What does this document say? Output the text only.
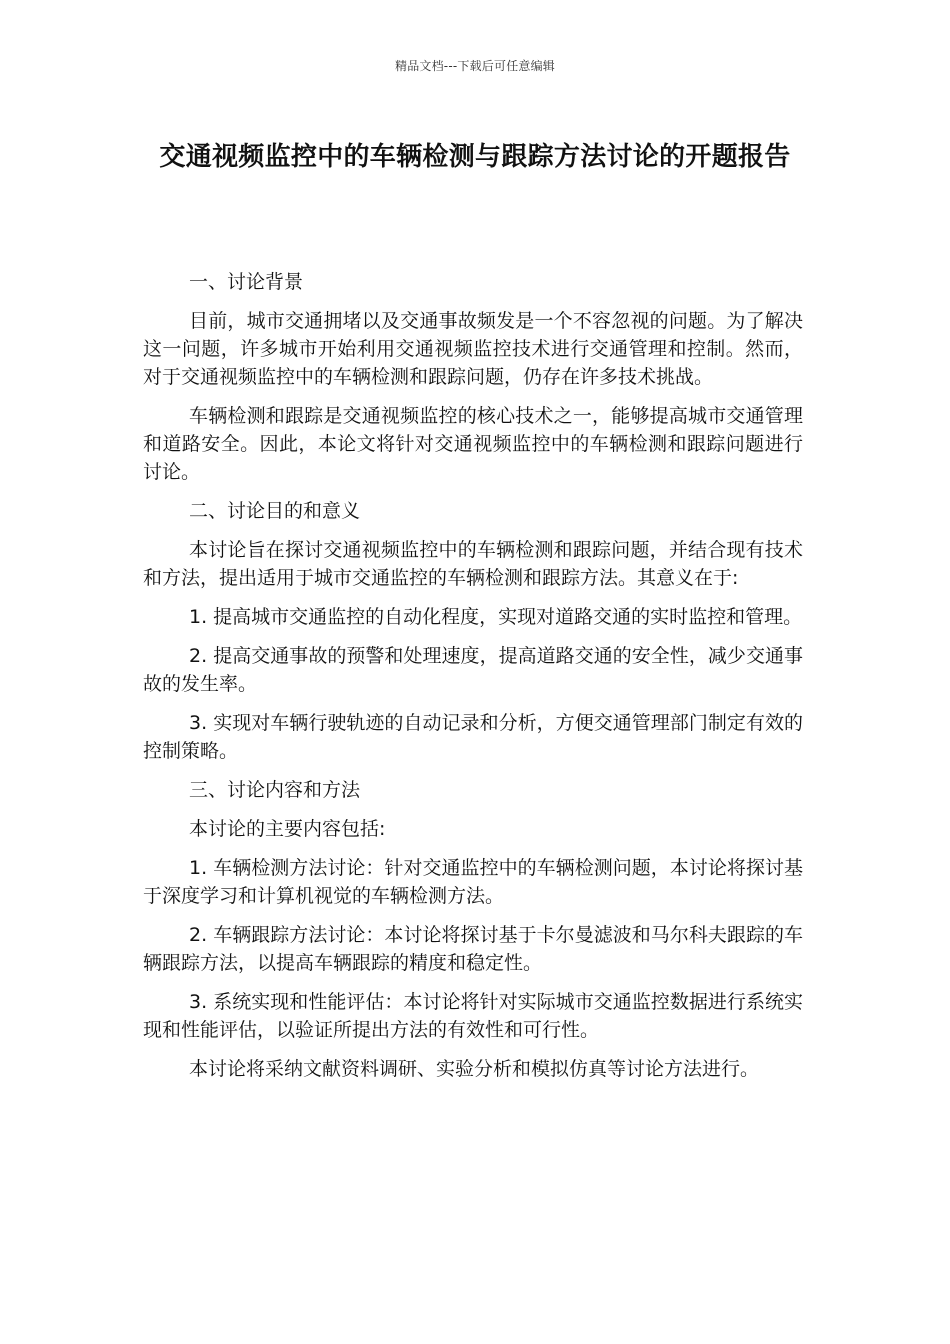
精品文档---下载后可任意编辑
交通视频监控中的车辆检测与跟踪方法讨论的开题报告

一、讨论背景

目前，城市交通拥堵以及交通事故频发是一个不容忽视的问题。为了解决这一问题，许多城市开始利用交通视频监控技术进行交通管理和控制。然而，对于交通视频监控中的车辆检测和跟踪问题，仍存在许多技术挑战。

车辆检测和跟踪是交通视频监控的核心技术之一，能够提高城市交通管理和道路安全。因此，本论文将针对交通视频监控中的车辆检测和跟踪问题进行讨论。

二、讨论目的和意义

本讨论旨在探讨交通视频监控中的车辆检测和跟踪问题，并结合现有技术和方法，提出适用于城市交通监控的车辆检测和跟踪方法。其意义在于:

1. 提高城市交通监控的自动化程度，实现对道路交通的实时监控和管理。

2. 提高交通事故的预警和处理速度，提高道路交通的安全性，减少交通事故的发生率。

3. 实现对车辆行驶轨迹的自动记录和分析，方便交通管理部门制定有效的控制策略。

三、讨论内容和方法

本讨论的主要内容包括:

1. 车辆检测方法讨论：针对交通监控中的车辆检测问题，本讨论将探讨基于深度学习和计算机视觉的车辆检测方法。

2. 车辆跟踪方法讨论：本讨论将探讨基于卡尔曼滤波和马尔科夫跟踪的车辆跟踪方法，以提高车辆跟踪的精度和稳定性。

3. 系统实现和性能评估：本讨论将针对实际城市交通监控数据进行系统实现和性能评估，以验证所提出方法的有效性和可行性。

本讨论将采纳文献资料调研、实验分析和模拟仿真等讨论方法进行。
